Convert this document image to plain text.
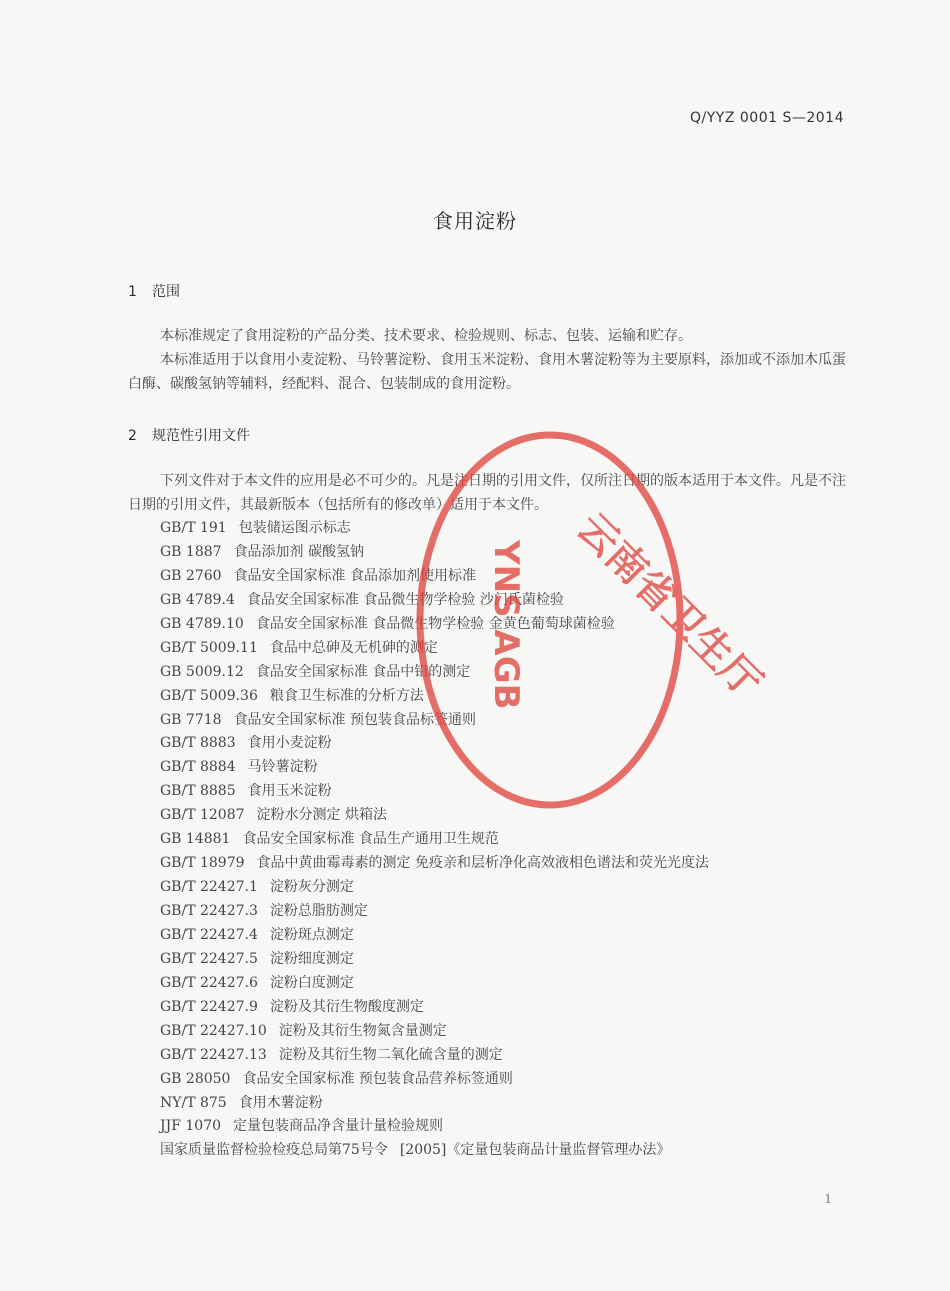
Q/YYZ 0001 S—2014
食用淀粉
1 范围

本标准规定了食用淀粉的产品分类、技术要求、检验规则、标志、包装、运输和贮存。

本标准适用于以食用小麦淀粉、马铃薯淀粉、食用玉米淀粉、食用木薯淀粉等为主要原料，添加或不添加木瓜蛋白酶、碳酸氢钠等辅料，经配料、混合、包装制成的食用淀粉。

2 规范性引用文件

下列文件对于本文件的应用是必不可少的。凡是注日期的引用文件，仅所注日期的版本适用于本文件。凡是不注日期的引用文件，其最新版本（包括所有的修改单）适用于本文件。

GB/T 191 包装储运图示标志
GB 1887 食品添加剂 碳酸氢钠
GB 2760 食品安全国家标准 食品添加剂使用标准
GB 4789.4 食品安全国家标准 食品微生物学检验 沙门氏菌检验
GB 4789.10 食品安全国家标准 食品微生物学检验 金黄色葡萄球菌检验
GB/T 5009.11 食品中总砷及无机砷的测定
GB 5009.12 食品安全国家标准 食品中铅的测定
GB/T 5009.36 粮食卫生标准的分析方法
GB 7718 食品安全国家标准 预包装食品标签通则
GB/T 8883 食用小麦淀粉
GB/T 8884 马铃薯淀粉
GB/T 8885 食用玉米淀粉
GB/T 12087 淀粉水分测定 烘箱法
GB 14881 食品安全国家标准 食品生产通用卫生规范
GB/T 18979 食品中黄曲霉毒素的测定 免疫亲和层析净化高效液相色谱法和荧光光度法
GB/T 22427.1 淀粉灰分测定
GB/T 22427.3 淀粉总脂肪测定
GB/T 22427.4 淀粉斑点测定
GB/T 22427.5 淀粉细度测定
GB/T 22427.6 淀粉白度测定
GB/T 22427.9 淀粉及其衍生物酸度测定
GB/T 22427.10 淀粉及其衍生物氮含量测定
GB/T 22427.13 淀粉及其衍生物二氧化硫含量的测定
GB 28050 食品安全国家标准 预包装食品营养标签通则
NY/T 875 食用木薯淀粉
JJF 1070 定量包装商品净含量计量检验规则
国家质量监督检验检疫总局第75号令 [2005]《定量包装商品计量监督管理办法》
云南省卫生厅
YNS AGB
1
